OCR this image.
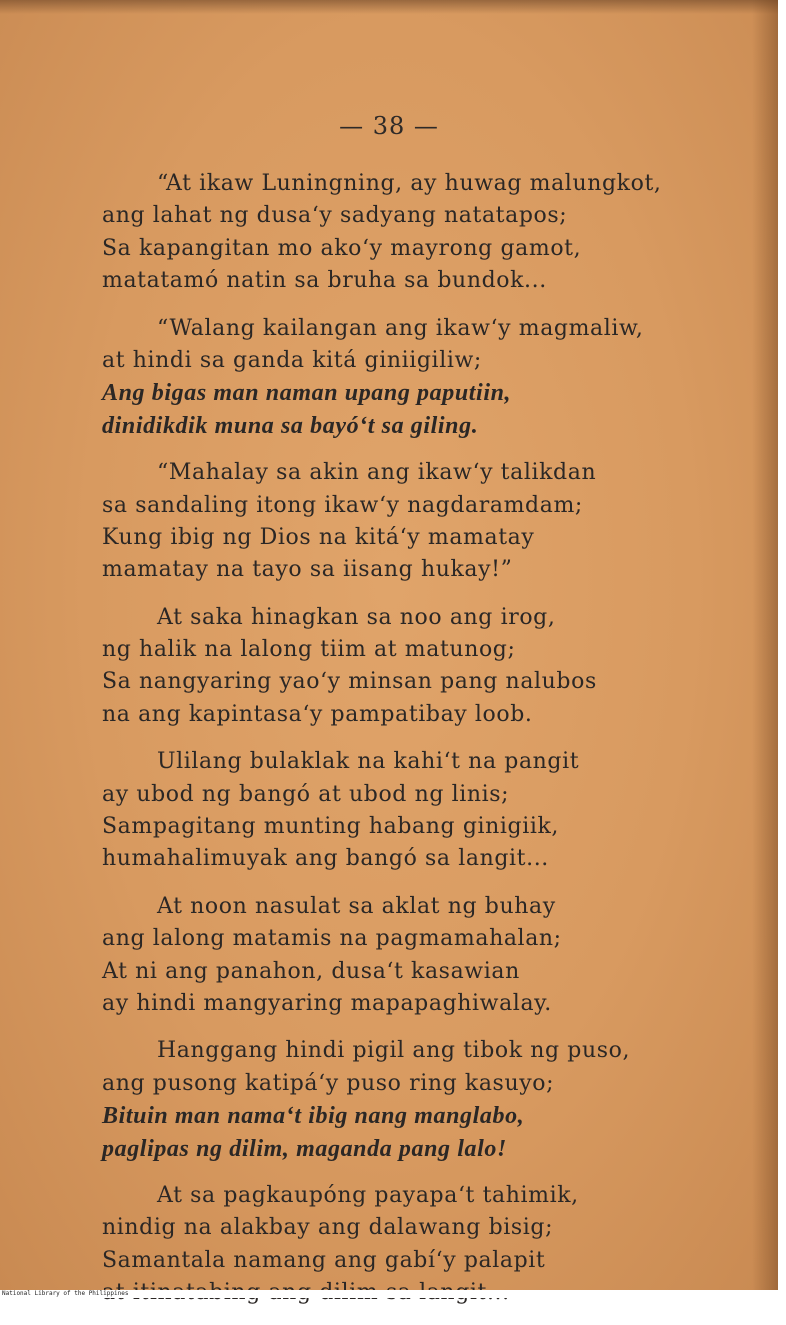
— 38 —
“At ikaw Luningning, ay huwag malungkot,
ang lahat ng dusa‘y sadyang natatapos;
Sa kapangitan mo ako‘y mayrong gamot,
matatamó natin sa bruha sa bundok...
“Walang kailangan ang ikaw‘y magmaliw,
at hindi sa ganda kitá giniigiliw;
Ang bigas man naman upang paputiin,
dinidikdik muna sa bayó‘t sa giling.
“Mahalay sa akin ang ikaw‘y talikdan
sa sandaling itong ikaw‘y nagdaramdam;
Kung ibig ng Dios na kitá‘y mamatay
mamatay na tayo sa iisang hukay!”
At saka hinagkan sa noo ang irog,
ng halik na lalong tiim at matunog;
Sa nangyaring yao‘y minsan pang nalubos
na ang kapintasa‘y pampatibay loob.
Ulilang bulaklak na kahi‘t na pangit
ay ubod ng bangó at ubod ng linis;
Sampagitang munting habang ginigiik,
humahalimuyak ang bangó sa langit...
At noon nasulat sa aklat ng buhay
ang lalong matamis na pagmamahalan;
At ni ang panahon, dusa‘t kasawian
ay hindi mangyaring mapapaghiwalay.
Hanggang hindi pigil ang tibok ng puso,
ang pusong katipá‘y puso ring kasuyo;
Bituin man nama‘t ibig nang manglabo,
paglipas ng dilim, maganda pang lalo!
At sa pagkaupóng payapa‘t tahimik,
nindig na alakbay ang dalawang bisig;
Samantala namang ang gabí‘y palapit
National Library of the Philippines
